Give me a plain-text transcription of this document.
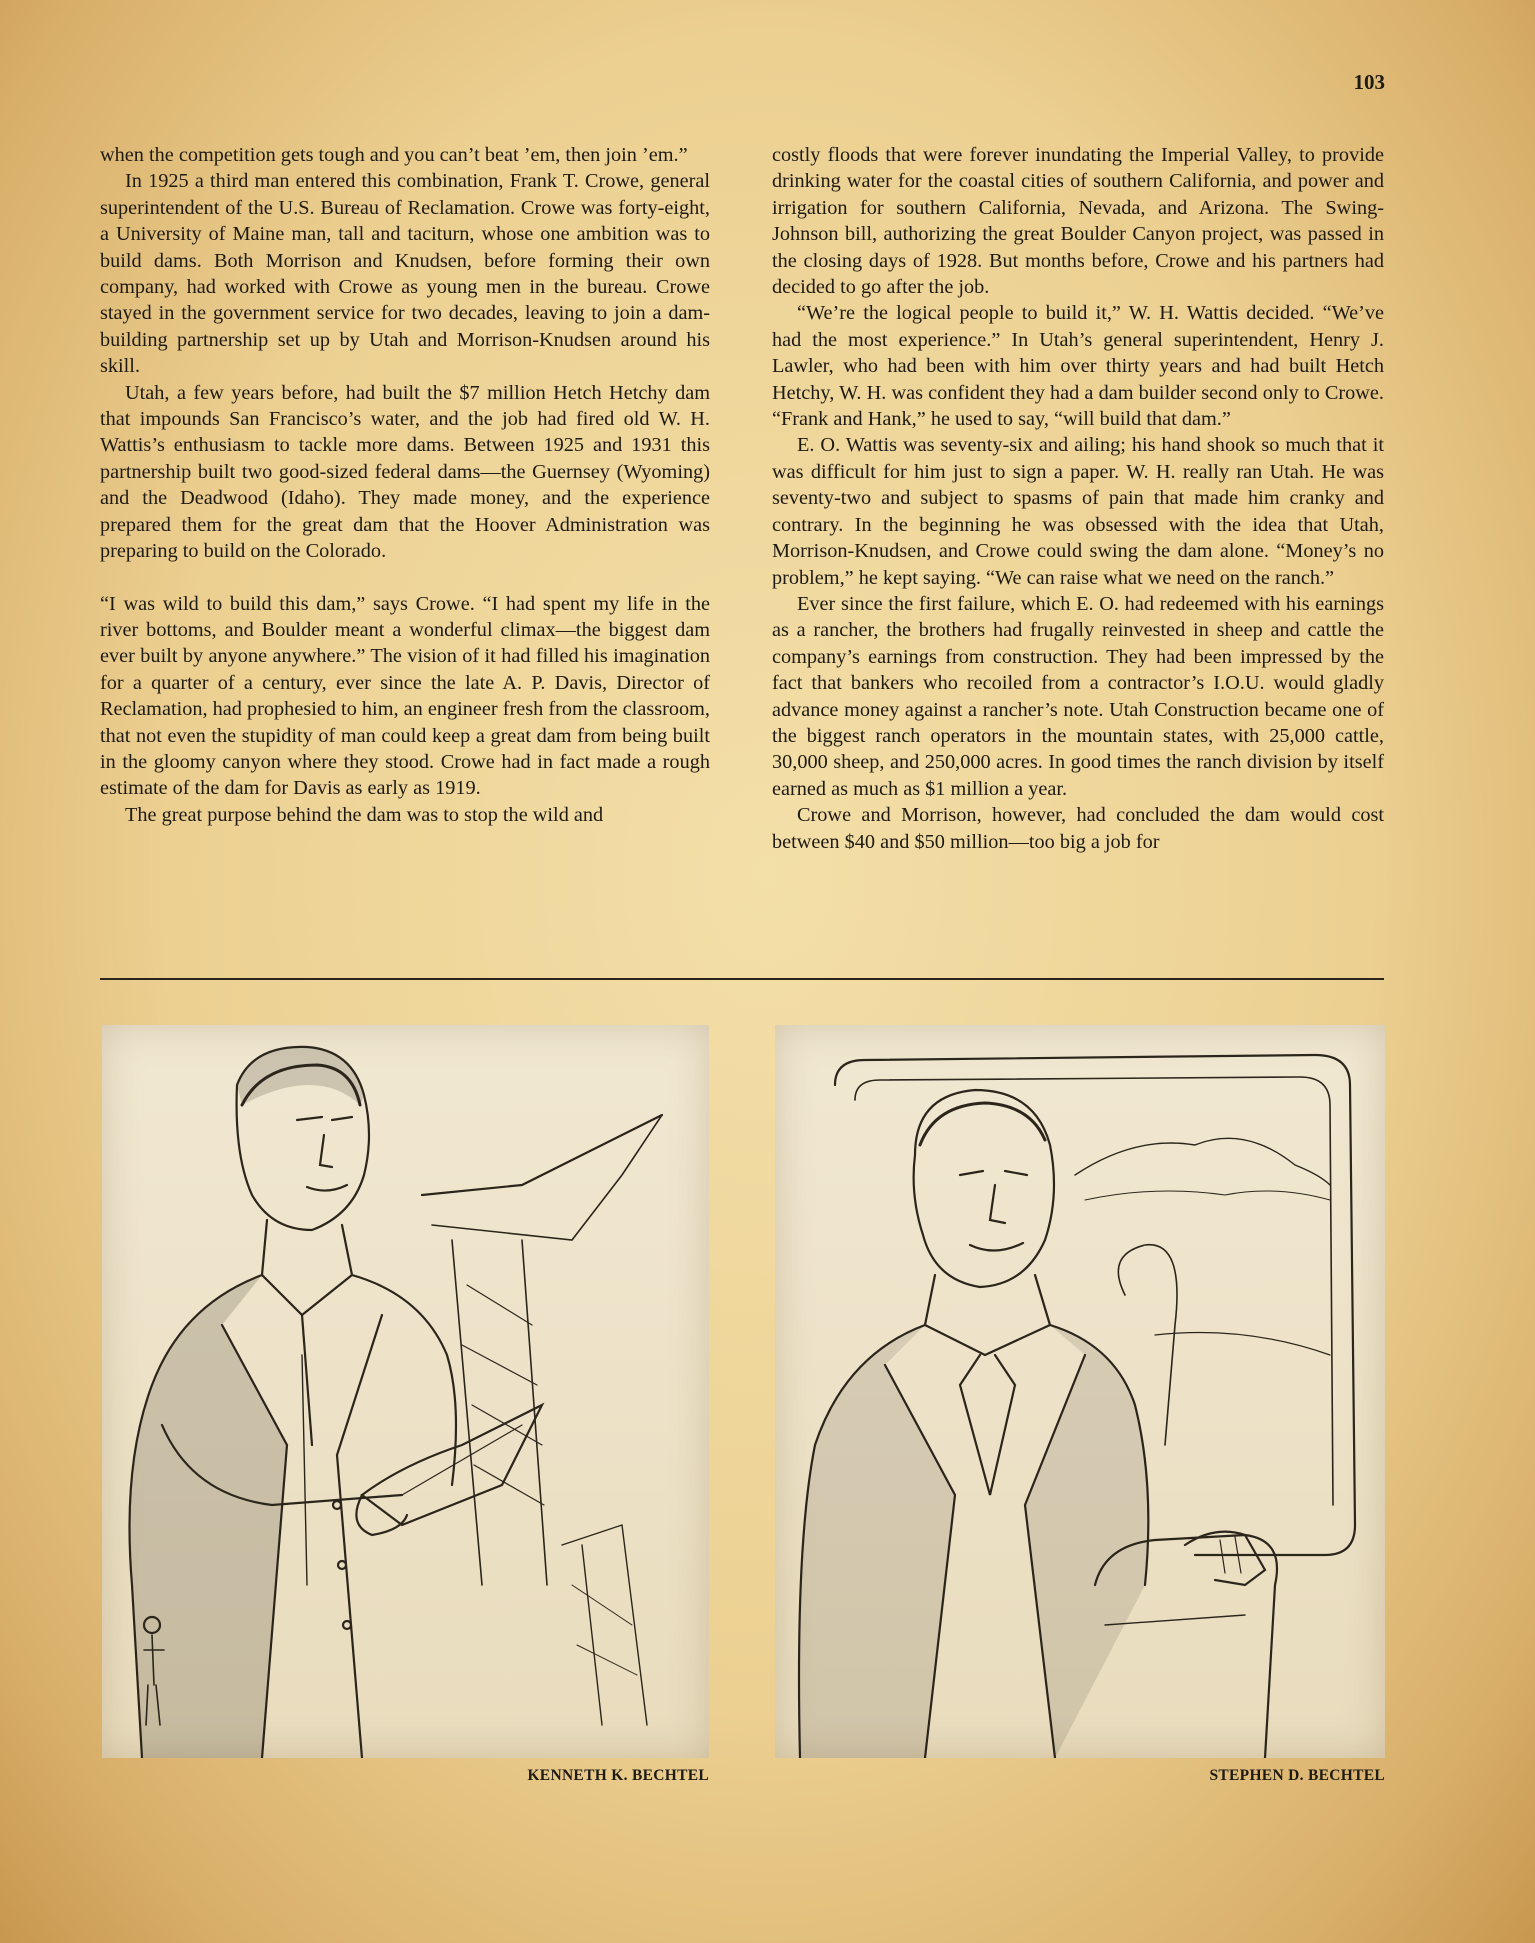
103

when the competition gets tough and you can’t beat ’em, then join ’em.”

In 1925 a third man entered this combination, Frank T. Crowe, general superintendent of the U.S. Bureau of Reclamation. Crowe was forty-eight, a University of Maine man, tall and taciturn, whose one ambition was to build dams. Both Morrison and Knudsen, before forming their own company, had worked with Crowe as young men in the bureau. Crowe stayed in the government service for two decades, leaving to join a dam-building partnership set up by Utah and Morrison-Knudsen around his skill.

Utah, a few years before, had built the $7 million Hetch Hetchy dam that impounds San Francisco’s water, and the job had fired old W. H. Wattis’s enthusiasm to tackle more dams. Between 1925 and 1931 this partnership built two good-sized federal dams—the Guernsey (Wyoming) and the Deadwood (Idaho). They made money, and the experience prepared them for the great dam that the Hoover Administration was preparing to build on the Colorado.

“I was wild to build this dam,” says Crowe. “I had spent my life in the river bottoms, and Boulder meant a wonderful climax—the biggest dam ever built by anyone anywhere.” The vision of it had filled his imagination for a quarter of a century, ever since the late A. P. Davis, Director of Reclamation, had prophesied to him, an engineer fresh from the classroom, that not even the stupidity of man could keep a great dam from being built in the gloomy canyon where they stood. Crowe had in fact made a rough estimate of the dam for Davis as early as 1919.

The great purpose behind the dam was to stop the wild and

costly floods that were forever inundating the Imperial Valley, to provide drinking water for the coastal cities of southern California, and power and irrigation for southern California, Nevada, and Arizona. The Swing-Johnson bill, authorizing the great Boulder Canyon project, was passed in the closing days of 1928. But months before, Crowe and his partners had decided to go after the job.

“We’re the logical people to build it,” W. H. Wattis decided. “We’ve had the most experience.” In Utah’s general superintendent, Henry J. Lawler, who had been with him over thirty years and had built Hetch Hetchy, W. H. was confident they had a dam builder second only to Crowe. “Frank and Hank,” he used to say, “will build that dam.”

E. O. Wattis was seventy-six and ailing; his hand shook so much that it was difficult for him just to sign a paper. W. H. really ran Utah. He was seventy-two and subject to spasms of pain that made him cranky and contrary. In the beginning he was obsessed with the idea that Utah, Morrison-Knudsen, and Crowe could swing the dam alone. “Money’s no problem,” he kept saying. “We can raise what we need on the ranch.”

Ever since the first failure, which E. O. had redeemed with his earnings as a rancher, the brothers had frugally reinvested in sheep and cattle the company’s earnings from construction. They had been impressed by the fact that bankers who recoiled from a contractor’s I.O.U. would gladly advance money against a rancher’s note. Utah Construction became one of the biggest ranch operators in the mountain states, with 25,000 cattle, 30,000 sheep, and 250,000 acres. In good times the ranch division by itself earned as much as $1 million a year.

Crowe and Morrison, however, had concluded the dam would cost between $40 and $50 million—too big a job for

KENNETH K. BECHTEL	STEPHEN D. BECHTEL
